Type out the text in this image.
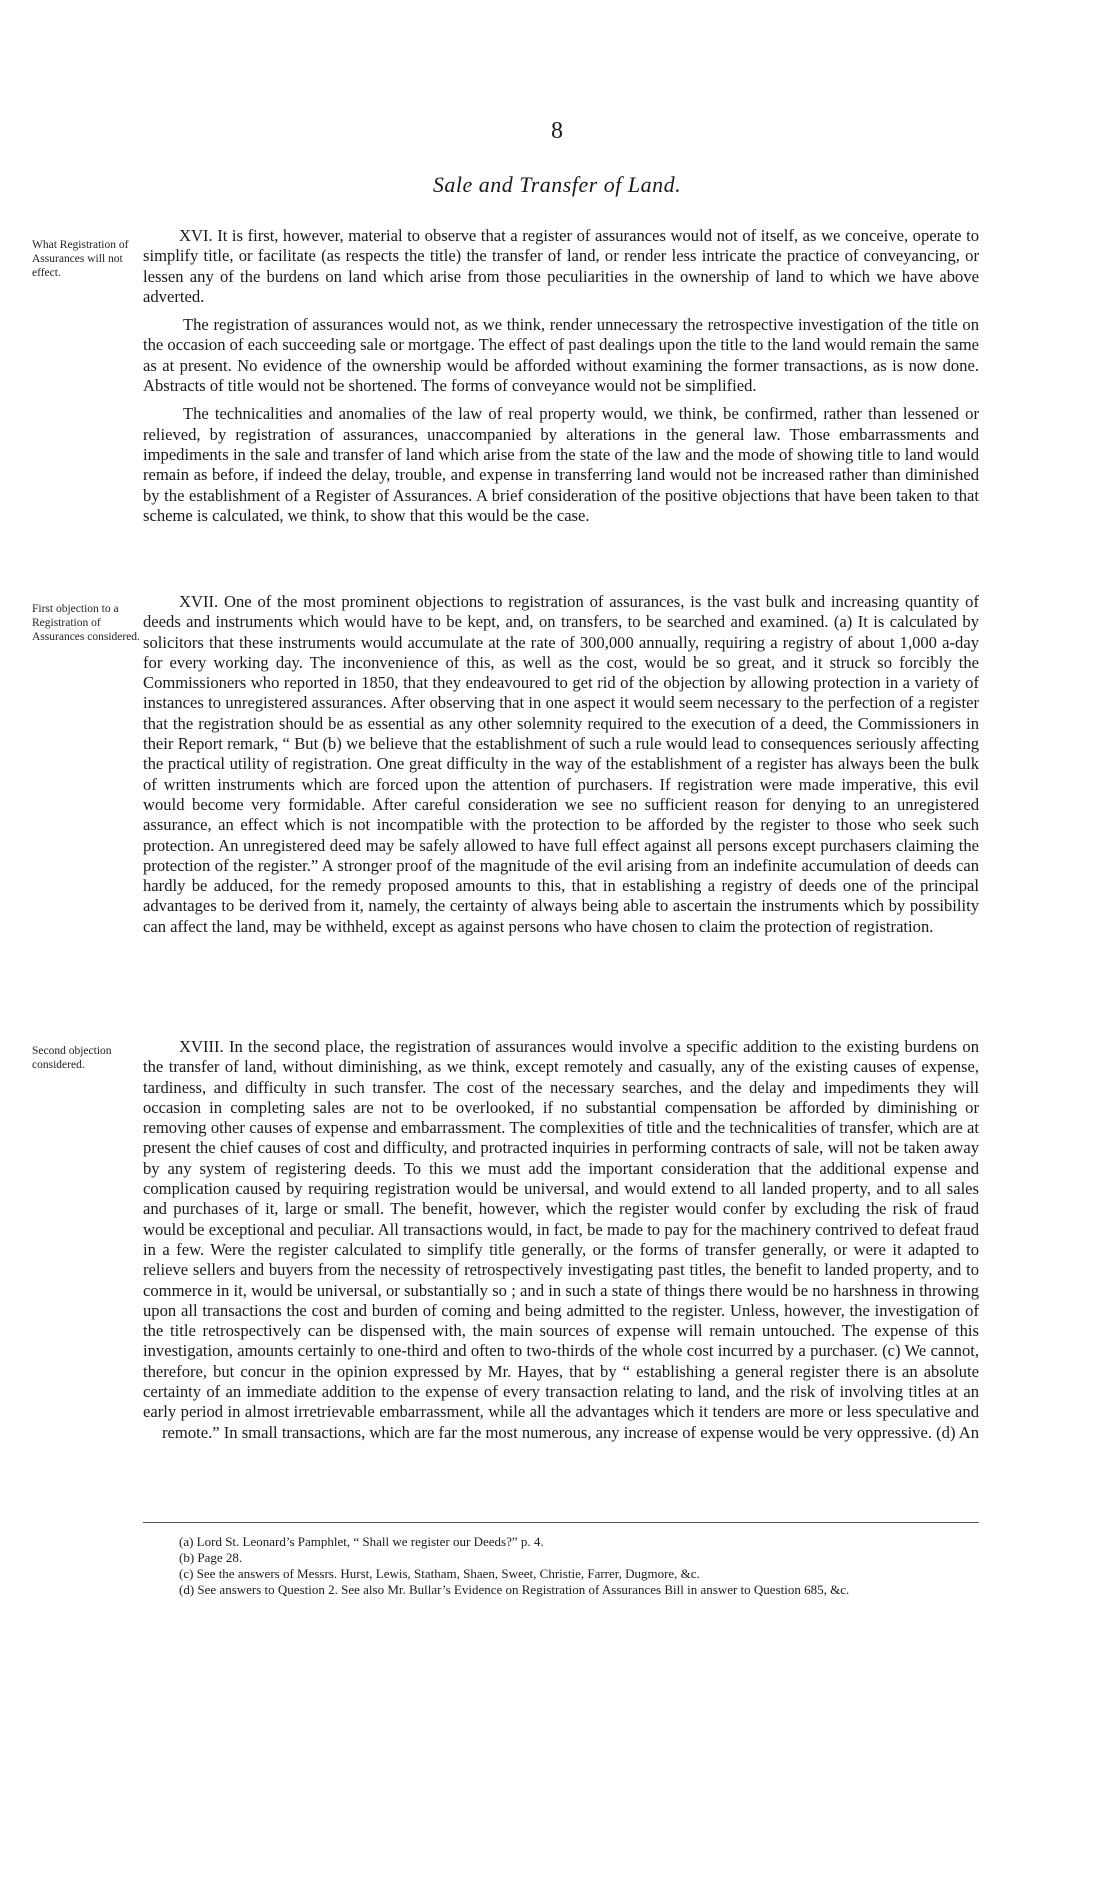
8
Sale and Transfer of Land.
What Registration of Assurances will not effect.
First objection to a Registration of Assurances considered.
Second objection considered.

XVI. It is first, however, material to observe that a register of assurances would not of itself, as we conceive, operate to simplify title, or facilitate (as respects the title) the transfer of land, or render less intricate the practice of conveyancing, or lessen any of the burdens on land which arise from those peculiarities in the ownership of land to which we have above adverted.

The registration of assurances would not, as we think, render unnecessary the retrospective investigation of the title on the occasion of each succeeding sale or mortgage. The effect of past dealings upon the title to the land would remain the same as at present. No evidence of the ownership would be afforded without examining the former transactions, as is now done. Abstracts of title would not be shortened. The forms of conveyance would not be simplified.

The technicalities and anomalies of the law of real property would, we think, be confirmed, rather than lessened or relieved, by registration of assurances, unaccompanied by alterations in the general law. Those embarrassments and impediments in the sale and transfer of land which arise from the state of the law and the mode of showing title to land would remain as before, if indeed the delay, trouble, and expense in transferring land would not be increased rather than diminished by the establishment of a Register of Assurances. A brief consideration of the positive objections that have been taken to that scheme is calculated, we think, to show that this would be the case.

XVII. One of the most prominent objections to registration of assurances, is the vast bulk and increasing quantity of deeds and instruments which would have to be kept, and, on transfers, to be searched and examined. (a) It is calculated by solicitors that these instruments would accumulate at the rate of 300,000 annually, requiring a registry of about 1,000 a-day for every working day. The inconvenience of this, as well as the cost, would be so great, and it struck so forcibly the Commissioners who reported in 1850, that they endeavoured to get rid of the objection by allowing protection in a variety of instances to unregistered assurances. After observing that in one aspect it would seem necessary to the perfection of a register that the registration should be as essential as any other solemnity required to the execution of a deed, the Commissioners in their Report remark, “ But (b) we believe that the establishment of such a rule would lead to consequences seriously affecting the practical utility of registration. One great difficulty in the way of the establishment of a register has always been the bulk of written instruments which are forced upon the attention of purchasers. If registration were made imperative, this evil would become very formidable. After careful consideration we see no sufficient reason for denying to an unregistered assurance, an effect which is not incompatible with the protection to be afforded by the register to those who seek such protection. An unregistered deed may be safely allowed to have full effect against all persons except purchasers claiming the protection of the register.” A stronger proof of the magnitude of the evil arising from an indefinite accumulation of deeds can hardly be adduced, for the remedy proposed amounts to this, that in establishing a registry of deeds one of the principal advantages to be derived from it, namely, the certainty of always being able to ascertain the instruments which by possibility can affect the land, may be withheld, except as against persons who have chosen to claim the protection of registration.

XVIII. In the second place, the registration of assurances would involve a specific addition to the existing burdens on the transfer of land, without diminishing, as we think, except remotely and casually, any of the existing causes of expense, tardiness, and difficulty in such transfer. The cost of the necessary searches, and the delay and impediments they will occasion in completing sales are not to be overlooked, if no substantial compensation be afforded by diminishing or removing other causes of expense and embarrassment. The complexities of title and the technicalities of transfer, which are at present the chief causes of cost and difficulty, and protracted inquiries in performing contracts of sale, will not be taken away by any system of registering deeds. To this we must add the important consideration that the additional expense and complication caused by requiring registration would be universal, and would extend to all landed property, and to all sales and purchases of it, large or small. The benefit, however, which the register would confer by excluding the risk of fraud would be exceptional and peculiar. All transactions would, in fact, be made to pay for the machinery contrived to defeat fraud in a few. Were the register calculated to simplify title generally, or the forms of transfer generally, or were it adapted to relieve sellers and buyers from the necessity of retrospectively investigating past titles, the benefit to landed property, and to commerce in it, would be universal, or substantially so ; and in such a state of things there would be no harshness in throwing upon all transactions the cost and burden of coming and being admitted to the register. Unless, however, the investigation of the title retrospectively can be dispensed with, the main sources of expense will remain untouched. The expense of this investigation, amounts certainly to one-third and often to two-thirds of the whole cost incurred by a purchaser. (c) We cannot, therefore, but concur in the opinion expressed by Mr. Hayes, that by “ establishing a general register there is an absolute certainty of an immediate addition to the expense of every transaction relating to land, and the risk of involving titles at an early period in almost irretrievable embarrassment, while all the advantages which it tenders are more or less speculative and remote.” In small transactions, which are far the most numerous, any increase of expense would be very oppressive. (d) An

(a) Lord St. Leonard’s Pamphlet, “ Shall we register our Deeds?” p. 4.

(b) Page 28.

(c) See the answers of Messrs. Hurst, Lewis, Statham, Shaen, Sweet, Christie, Farrer, Dugmore, &c.

(d) See answers to Question 2. See also Mr. Bullar’s Evidence on Registration of Assurances Bill in answer to Question 685, &c.
